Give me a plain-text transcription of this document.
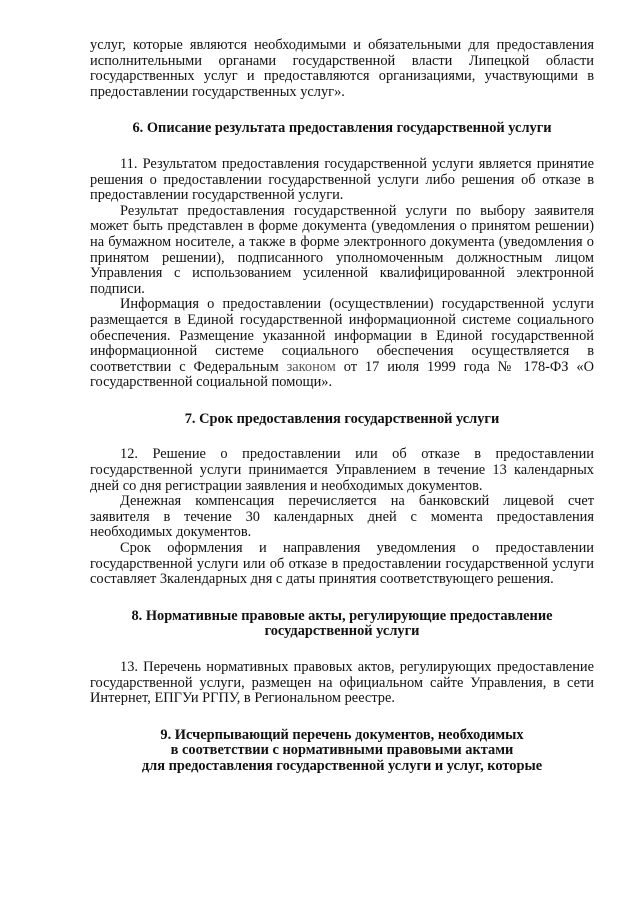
услуг, которые являются необходимыми и обязательными для предоставления исполнительными органами государственной власти Липецкой области государственных услуг и предоставляются организациями, участвующими в предоставлении государственных услуг».

6. Описание результата предоставления государственной услуги

11. Результатом предоставления государственной услуги является принятие решения о предоставлении государственной услуги либо решения об отказе в предоставлении государственной услуги.

Результат предоставления государственной услуги по выбору заявителя может быть представлен в форме документа (уведомления о принятом решении) на бумажном носителе, а также в форме электронного документа (уведомления о принятом решении), подписанного уполномоченным должностным лицом Управления с использованием усиленной квалифицированной электронной подписи.

Информация о предоставлении (осуществлении) государственной услуги размещается в Единой государственной информационной системе социального обеспечения. Размещение указанной информации в Единой государственной информационной системе социального обеспечения осуществляется в соответствии с Федеральным законом от 17 июля 1999 года № 178-ФЗ «О государственной социальной помощи».

7. Срок предоставления государственной услуги

12. Решение о предоставлении или об отказе в предоставлении государственной услуги принимается Управлением в течение 13 календарных дней со дня регистрации заявления и необходимых документов.

Денежная компенсация перечисляется на банковский лицевой счет заявителя в течение 30 календарных дней с момента предоставления необходимых документов.

Срок оформления и направления уведомления о предоставлении государственной услуги или об отказе в предоставлении государственной услуги составляет 3календарных дня с даты принятия соответствующего решения.

8. Нормативные правовые акты, регулирующие предоставление
государственной услуги

13. Перечень нормативных правовых актов, регулирующих предоставление государственной услуги, размещен на официальном сайте Управления, в сети Интернет, ЕПГУи РГПУ, в Региональном реестре.

9. Исчерпывающий перечень документов, необходимых
в соответствии с нормативными правовыми актами
для предоставления государственной услуги и услуг, которые
